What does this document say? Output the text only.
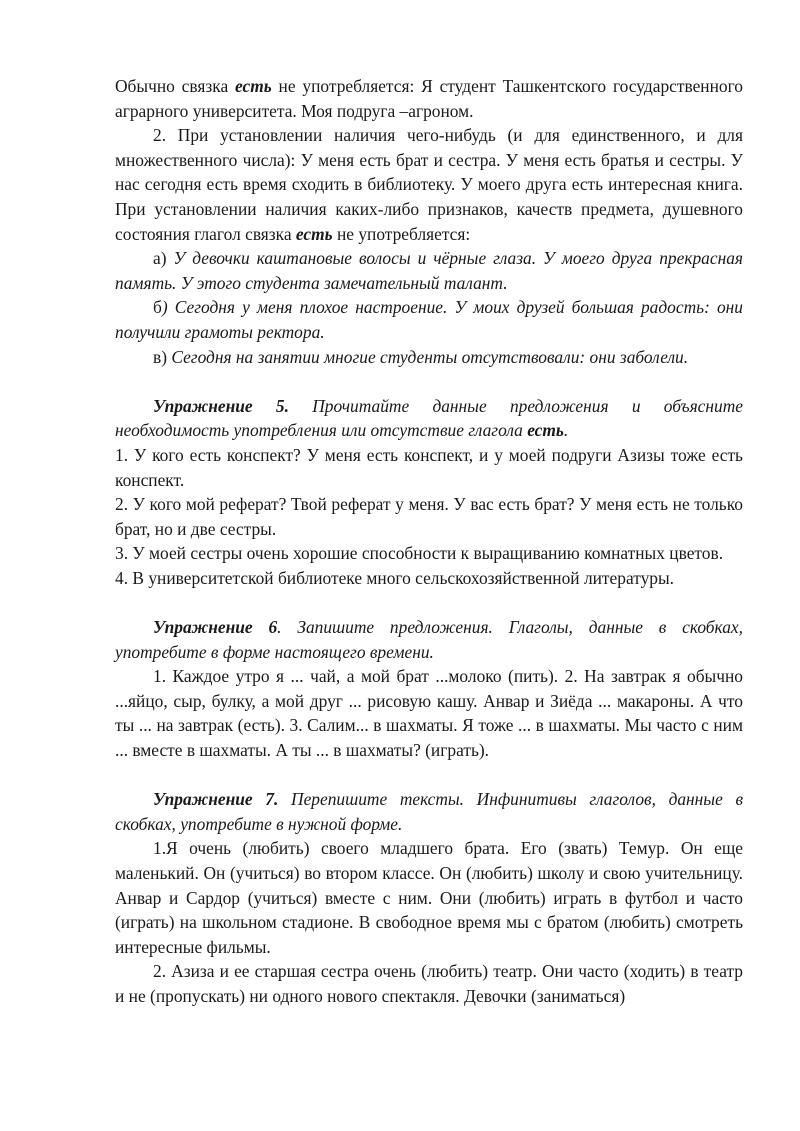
Обычно связка есть не употребляется: Я студент Ташкентского государственного аграрного университета. Моя подруга –агроном.

2. При установлении наличия чего-нибудь (и для единственного, и для множественного числа): У меня есть брат и сестра. У меня есть братья и сестры. У нас сегодня есть время сходить в библиотеку. У моего друга есть интересная книга. При установлении наличия каких-либо признаков, качеств предмета, душевного состояния глагол связка есть не употребляется:

а) У девочки каштановые волосы и чёрные глаза. У моего друга прекрасная память. У этого студента замечательный талант.

б) Сегодня у меня плохое настроение. У моих друзей большая радость: они получили грамоты ректора.

в) Сегодня на занятии многие студенты отсутствовали: они заболели.

Упражнение 5. Прочитайте данные предложения и объясните необходимость употребления или отсутствие глагола есть.

1. У кого есть конспект? У меня есть конспект, и у моей подруги Азизы тоже есть конспект.

2. У кого мой реферат? Твой реферат у меня. У вас есть брат? У меня есть не только брат, но и две сестры.

3. У моей сестры очень хорошие способности к выращиванию комнатных цветов.

4. В университетской библиотеке много сельскохозяйственной литературы.

Упражнение 6. Запишите предложения. Глаголы, данные в скобках, употребите в форме настоящего времени.

1. Каждое утро я ... чай, а мой брат ...молоко (пить). 2. На завтрак я обычно ...яйцо, сыр, булку, а мой друг ... рисовую кашу. Анвар и Зиёда ... макароны. А что ты ... на завтрак (есть). 3. Салим... в шахматы. Я тоже ... в шахматы. Мы часто с ним ... вместе в шахматы. А ты ... в шахматы? (играть).

Упражнение 7. Перепишите тексты. Инфинитивы глаголов, данные в скобках, употребите в нужной форме.

1.Я очень (любить) своего младшего брата. Его (звать) Темур. Он еще маленький. Он (учиться) во втором классе. Он (любить) школу и свою учительницу. Анвар и Сардор (учиться) вместе с ним. Они (любить) играть в футбол и часто (играть) на школьном стадионе. В свободное время мы с братом (любить) смотреть интересные фильмы.

2. Азиза и ее старшая сестра очень (любить) театр. Они часто (ходить) в театр и не (пропускать) ни одного нового спектакля. Девочки (заниматься)
